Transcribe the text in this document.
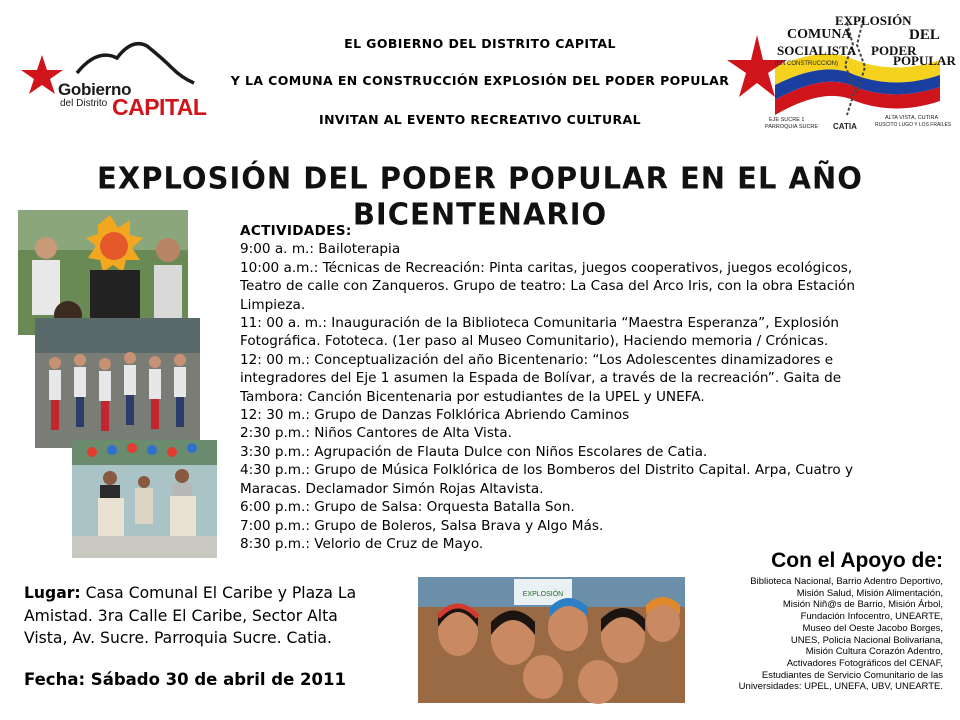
Gobierno
del Distrito CAPITAL
EL GOBIERNO DEL DISTRITO CAPITAL
Y LA COMUNA EN CONSTRUCCIÓN EXPLOSIÓN DEL PODER POPULAR
INVITAN AL EVENTO RECREATIVO CULTURAL
COMUNA
SOCIALISTA
(EN CONSTRUCCION)
EXPLOSIÓN
DEL
PODER
POPULAR
EJE SUCRE 1
PARROQUIA SUCRE CATIA
ALTA VISTA, CUTIRA
RUSCITO LUGO Y LOS FRAILES
EXPLOSIÓN DEL PODER POPULAR EN EL AÑO BICENTENARIO
EXPLOSIÓN
ACTIVIDADES:
9:00 a. m.: Bailoterapia
10:00 a.m.: Técnicas de Recreación: Pinta caritas, juegos cooperativos, juegos ecológicos,
Teatro de calle con Zanqueros. Grupo de teatro: La Casa del Arco Iris, con la obra Estación
Limpieza.
11: 00 a. m.: Inauguración de la Biblioteca Comunitaria “Maestra Esperanza”, Explosión
Fotográfica. Fototeca. (1er paso al Museo Comunitario), Haciendo memoria / Crónicas.
12: 00 m.: Conceptualización del año Bicentenario: “Los Adolescentes dinamizadores e
integradores del Eje 1 asumen la Espada de Bolívar, a través de la recreación”. Gaita de
Tambora: Canción Bicentenaria por estudiantes de la UPEL y UNEFA.
12: 30 m.: Grupo de Danzas Folklórica Abriendo Caminos
2:30 p.m.: Niños Cantores de Alta Vista.
3:30 p.m.: Agrupación de Flauta Dulce con Niños Escolares de Catia.
4:30 p.m.: Grupo de Música Folklórica de los Bomberos del Distrito Capital. Arpa, Cuatro y
Maracas. Declamador Simón Rojas Altavista.
6:00 p.m.: Grupo de Salsa: Orquesta Batalla Son.
7:00 p.m.: Grupo de Boleros, Salsa Brava y Algo Más.
8:30 p.m.: Velorio de Cruz de Mayo.
Lugar: Casa Comunal El Caribe y Plaza La
Amistad. 3ra Calle El Caribe, Sector Alta
Vista, Av. Sucre. Parroquia Sucre. Catia.
Fecha: Sábado 30 de abril de 2011
Con el Apoyo de:
Biblioteca Nacional, Barrio Adentro Deportivo,
Misión Salud, Misión Alimentación,
Misión Niñ@s de Barrio, Misión Árbol,
Fundación Infocentro, UNEARTE,
Museo del Oeste Jacobo Borges,
UNES, Policía Nacional Bolivariana,
Misión Cultura Corazón Adentro,
Activadores Fotográficos del CENAF,
Estudiantes de Servicio Comunitario de las
Universidades: UPEL, UNEFA, UBV, UNEARTE.
